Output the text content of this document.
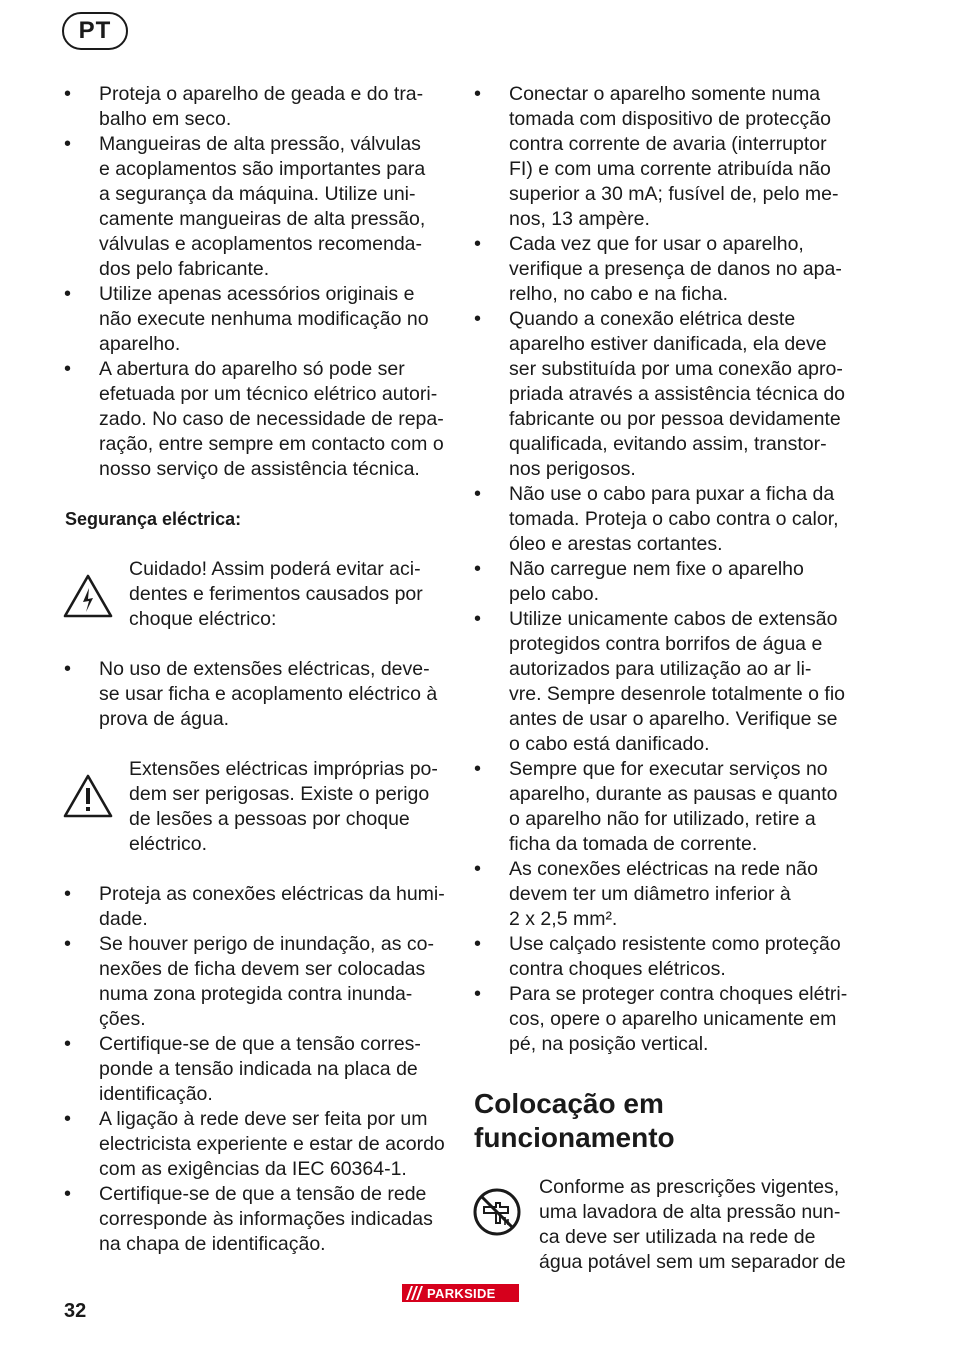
PT
• Proteja o aparelho de geada e do tra-
balho em seco.
• Mangueiras de alta pressão, válvulas
e acoplamentos são importantes para
a segurança da máquina. Utilize uni-
camente mangueiras de alta pressão,
válvulas e acoplamentos recomenda-
dos pelo fabricante.
• Utilize apenas acessórios originais e
não execute nenhuma modificação no
aparelho.
• A abertura do aparelho só pode ser
efetuada por um técnico elétrico autori-
zado. No caso de necessidade de repa-
ração, entre sempre em contacto com o
nosso serviço de assistência técnica.
Segurança eléctrica:
Cuidado! Assim poderá evitar aci-
dentes e ferimentos causados por
choque eléctrico:
• No uso de extensões eléctricas, deve-
se usar ficha e acoplamento eléctrico à
prova de água.
Extensões eléctricas impróprias po-
dem ser perigosas. Existe o perigo
de lesões a pessoas por choque
eléctrico.
• Proteja as conexões eléctricas da humi-
dade.
• Se houver perigo de inundação, as co-
nexões de ficha devem ser colocadas
numa zona protegida contra inunda-
ções.
• Certifique-se de que a tensão corres-
ponde a tensão indicada na placa de
identificação.
• A ligação à rede deve ser feita por um
electricista experiente e estar de acordo
com as exigências da IEC 60364-1.
• Certifique-se de que a tensão de rede
corresponde às informações indicadas
na chapa de identificação.
• Conectar o aparelho somente numa
tomada com dispositivo de protecção
contra corrente de avaria (interruptor
FI) e com uma corrente atribuída não
superior a 30 mA; fusível de, pelo me-
nos, 13 ampère.
• Cada vez que for usar o aparelho,
verifique a presença de danos no apa-
relho, no cabo e na ficha.
• Quando a conexão elétrica deste
aparelho estiver danificada, ela deve
ser substituída por uma conexão apro-
priada através a assistência técnica do
fabricante ou por pessoa devidamente
qualificada, evitando assim, transtor-
nos perigosos.
• Não use o cabo para puxar a ficha da
tomada. Proteja o cabo contra o calor,
óleo e arestas cortantes.
• Não carregue nem fixe o aparelho
pelo cabo.
• Utilize unicamente cabos de extensão
protegidos contra borrifos de água e
autorizados para utilização ao ar li-
vre. Sempre desenrole totalmente o fio
antes de usar o aparelho. Verifique se
o cabo está danificado.
• Sempre que for executar serviços no
aparelho, durante as pausas e quanto
o aparelho não for utilizado, retire a
ficha da tomada de corrente.
• As conexões eléctricas na rede não
devem ter um diâmetro inferior à
2 x 2,5 mm².
• Use calçado resistente como proteção
contra choques elétricos.
• Para se proteger contra choques elétri-
cos, opere o aparelho unicamente em
pé, na posição vertical.
Colocação em
funcionamento
Conforme as prescrições vigentes,
uma lavadora de alta pressão nun-
ca deve ser utilizada na rede de
água potável sem um separador de
32
PARKSIDE
